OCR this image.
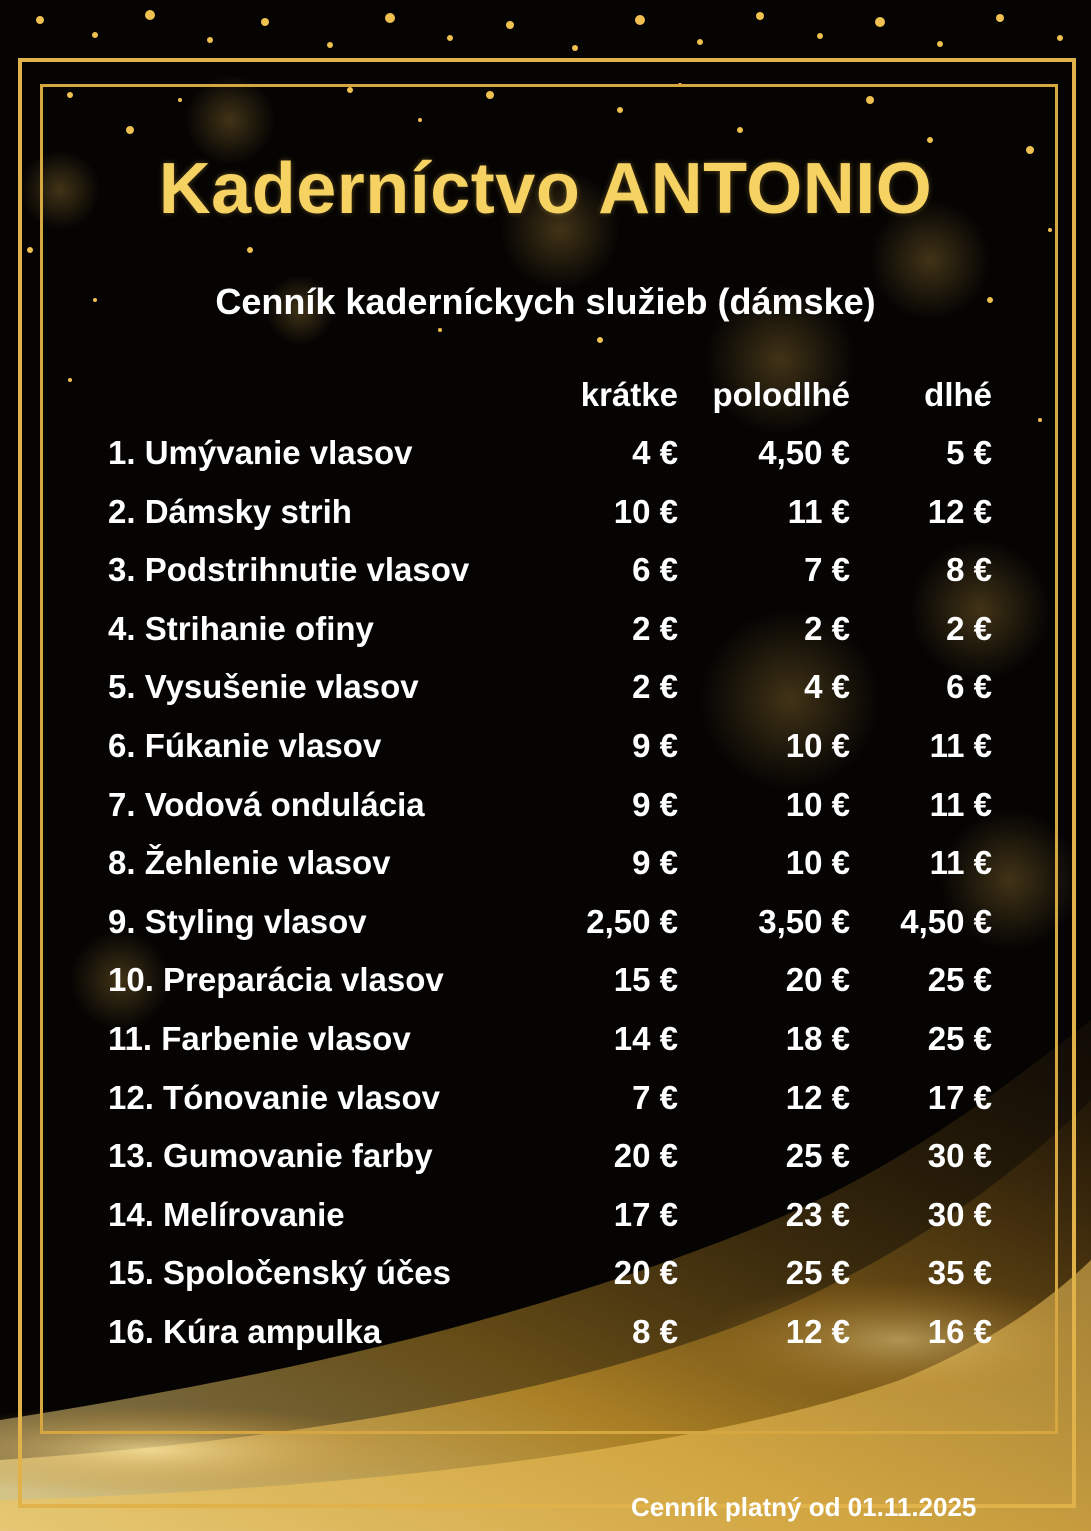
Kaderníctvo ANTONIO
Cenník kaderníckych služieb (dámske)
krátke	polodlhé	dlhé
1. Umývanie vlasov	4 €	4,50 €	5 €
2. Dámsky strih	10 €	11 €	12 €
3. Podstrihnutie vlasov	6 €	7 €	8 €
4. Strihanie ofiny	2 €	2 €	2 €
5. Vysušenie vlasov	2 €	4 €	6 €
6. Fúkanie vlasov	9 €	10 €	11 €
7. Vodová ondulácia	9 €	10 €	11 €
8. Žehlenie vlasov	9 €	10 €	11 €
9. Styling vlasov	2,50 €	3,50 €	4,50 €
10. Preparácia vlasov	15 €	20 €	25 €
11. Farbenie vlasov	14 €	18 €	25 €
12. Tónovanie vlasov	7 €	12 €	17 €
13. Gumovanie farby	20 €	25 €	30 €
14. Melírovanie	17 €	23 €	30 €
15. Spoločenský účes	20 €	25 €	35 €
16. Kúra ampulka	8 €	12 €	16 €
Cenník platný od 01.11.2025
